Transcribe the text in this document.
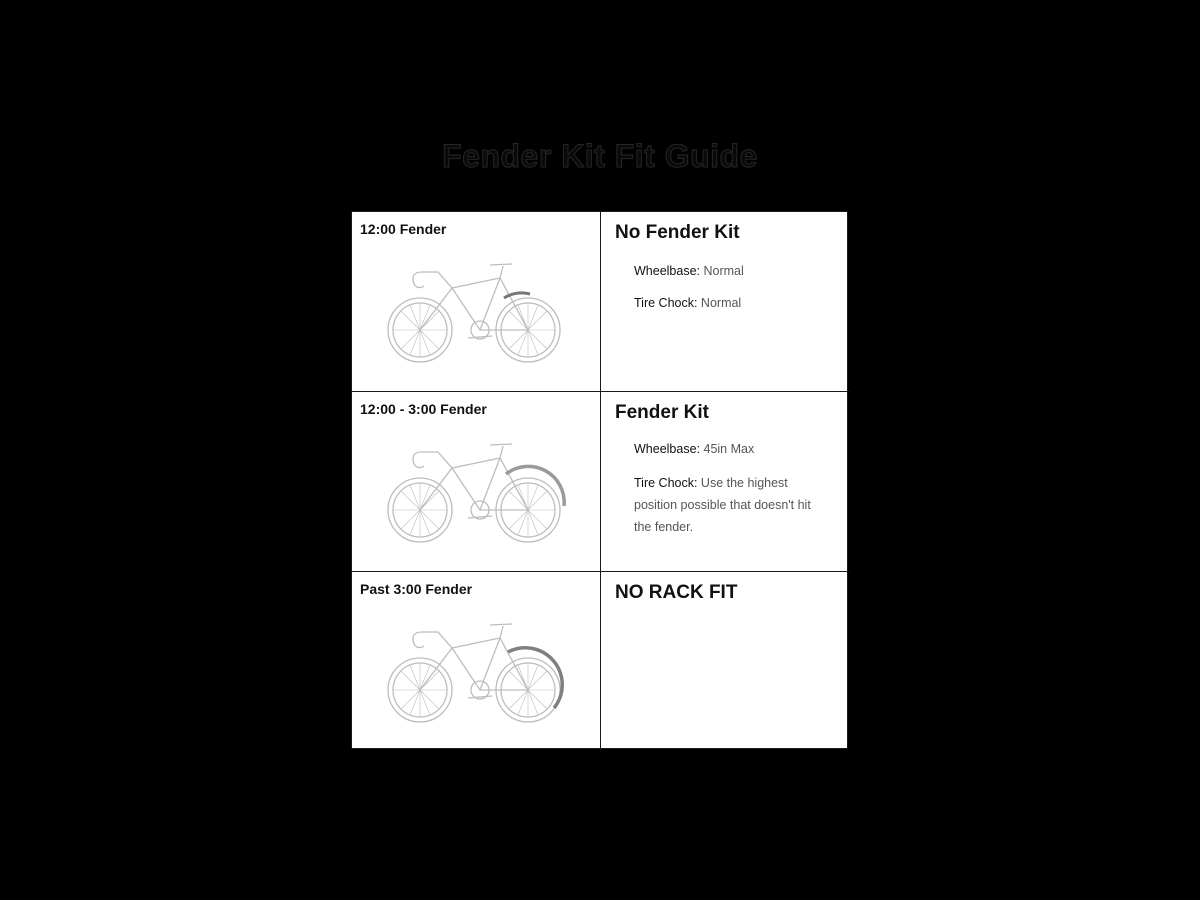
Fender Kit Fit Guide
12:00 Fender	No Fender Kit
Wheelbase: Normal
Tire Chock: Normal
12:00 - 3:00 Fender	Fender Kit
Wheelbase: 45in Max
Tire Chock: Use the highest position possible that doesn't hit the fender.
Past 3:00 Fender	NO RACK FIT
